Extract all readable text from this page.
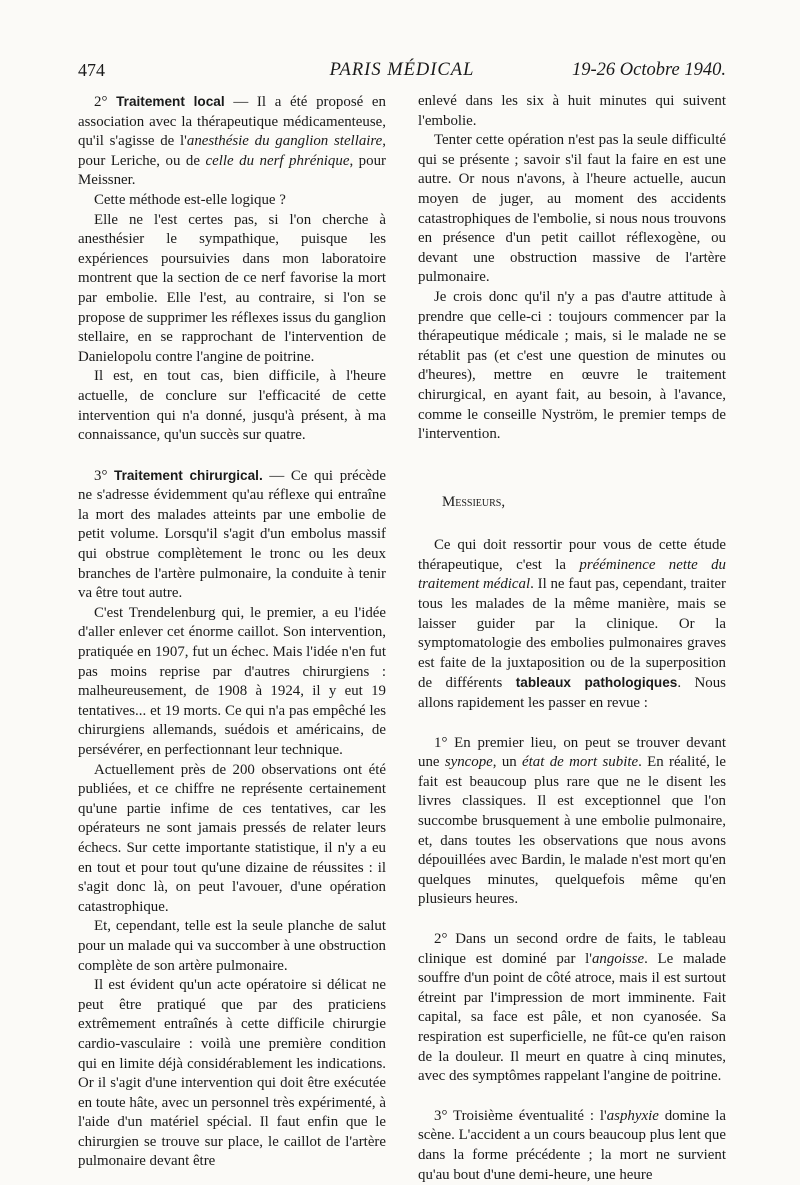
474	PARIS MÉDICAL	19-26 Octobre 1940.

2° Traitement local — Il a été proposé en association avec la thérapeutique médicamenteuse, qu'il s'agisse de l'anesthésie du ganglion stellaire, pour Leriche, ou de celle du nerf phrénique, pour Meissner.

Cette méthode est-elle logique ?

Elle ne l'est certes pas, si l'on cherche à anesthésier le sympathique, puisque les expériences poursuivies dans mon laboratoire montrent que la section de ce nerf favorise la mort par embolie. Elle l'est, au contraire, si l'on se propose de supprimer les réflexes issus du ganglion stellaire, en se rapprochant de l'intervention de Danielopolu contre l'angine de poitrine.

Il est, en tout cas, bien difficile, à l'heure actuelle, de conclure sur l'efficacité de cette intervention qui n'a donné, jusqu'à présent, à ma connaissance, qu'un succès sur quatre.

3° Traitement chirurgical. — Ce qui précède ne s'adresse évidemment qu'au réflexe qui entraîne la mort des malades atteints par une embolie de petit volume. Lorsqu'il s'agit d'un embolus massif qui obstrue complètement le tronc ou les deux branches de l'artère pulmonaire, la conduite à tenir va être tout autre.

C'est Trendelenburg qui, le premier, a eu l'idée d'aller enlever cet énorme caillot. Son intervention, pratiquée en 1907, fut un échec. Mais l'idée n'en fut pas moins reprise par d'autres chirurgiens : malheureusement, de 1908 à 1924, il y eut 19 tentatives... et 19 morts. Ce qui n'a pas empêché les chirurgiens allemands, suédois et américains, de persévérer, en perfectionnant leur technique.

Actuellement près de 200 observations ont été publiées, et ce chiffre ne représente certainement qu'une partie infime de ces tentatives, car les opérateurs ne sont jamais pressés de relater leurs échecs. Sur cette importante statistique, il n'y a eu en tout et pour tout qu'une dizaine de réussites : il s'agit donc là, on peut l'avouer, d'une opération catastrophique.

Et, cependant, telle est la seule planche de salut pour un malade qui va succomber à une obstruction complète de son artère pulmonaire.

Il est évident qu'un acte opératoire si délicat ne peut être pratiqué que par des praticiens extrêmement entraînés à cette difficile chirurgie cardio-vasculaire : voilà une première condition qui en limite déjà considérablement les indications. Or il s'agit d'une intervention qui doit être exécutée en toute hâte, avec un personnel très expérimenté, à l'aide d'un matériel spécial. Il faut enfin que le chirurgien se trouve sur place, le caillot de l'artère pulmonaire devant être

enlevé dans les six à huit minutes qui suivent l'embolie.

Tenter cette opération n'est pas la seule difficulté qui se présente ; savoir s'il faut la faire en est une autre. Or nous n'avons, à l'heure actuelle, aucun moyen de juger, au moment des accidents catastrophiques de l'embolie, si nous nous trouvons en présence d'un petit caillot réflexogène, ou devant une obstruction massive de l'artère pulmonaire.

Je crois donc qu'il n'y a pas d'autre attitude à prendre que celle-ci : toujours commencer par la thérapeutique médicale ; mais, si le malade ne se rétablit pas (et c'est une question de minutes ou d'heures), mettre en œuvre le traitement chirurgical, en ayant fait, au besoin, à l'avance, comme le conseille Nyström, le premier temps de l'intervention.

Messieurs,

Ce qui doit ressortir pour vous de cette étude thérapeutique, c'est la prééminence nette du traitement médical. Il ne faut pas, cependant, traiter tous les malades de la même manière, mais se laisser guider par la clinique. Or la symptomatologie des embolies pulmonaires graves est faite de la juxtaposition ou de la superposition de différents tableaux pathologiques. Nous allons rapidement les passer en revue :

1° En premier lieu, on peut se trouver devant une syncope, un état de mort subite. En réalité, le fait est beaucoup plus rare que ne le disent les livres classiques. Il est exceptionnel que l'on succombe brusquement à une embolie pulmonaire, et, dans toutes les observations que nous avons dépouillées avec Bardin, le malade n'est mort qu'en quelques minutes, quelquefois même qu'en plusieurs heures.

2° Dans un second ordre de faits, le tableau clinique est dominé par l'angoisse. Le malade souffre d'un point de côté atroce, mais il est surtout étreint par l'impression de mort imminente. Fait capital, sa face est pâle, et non cyanosée. Sa respiration est superficielle, ne fût-ce qu'en raison de la douleur. Il meurt en quatre à cinq minutes, avec des symptômes rappelant l'angine de poitrine.

3° Troisième éventualité : l'asphyxie domine la scène. L'accident a un cours beaucoup plus lent que dans la forme précédente ; la mort ne survient qu'au bout d'une demi-heure, une heure
